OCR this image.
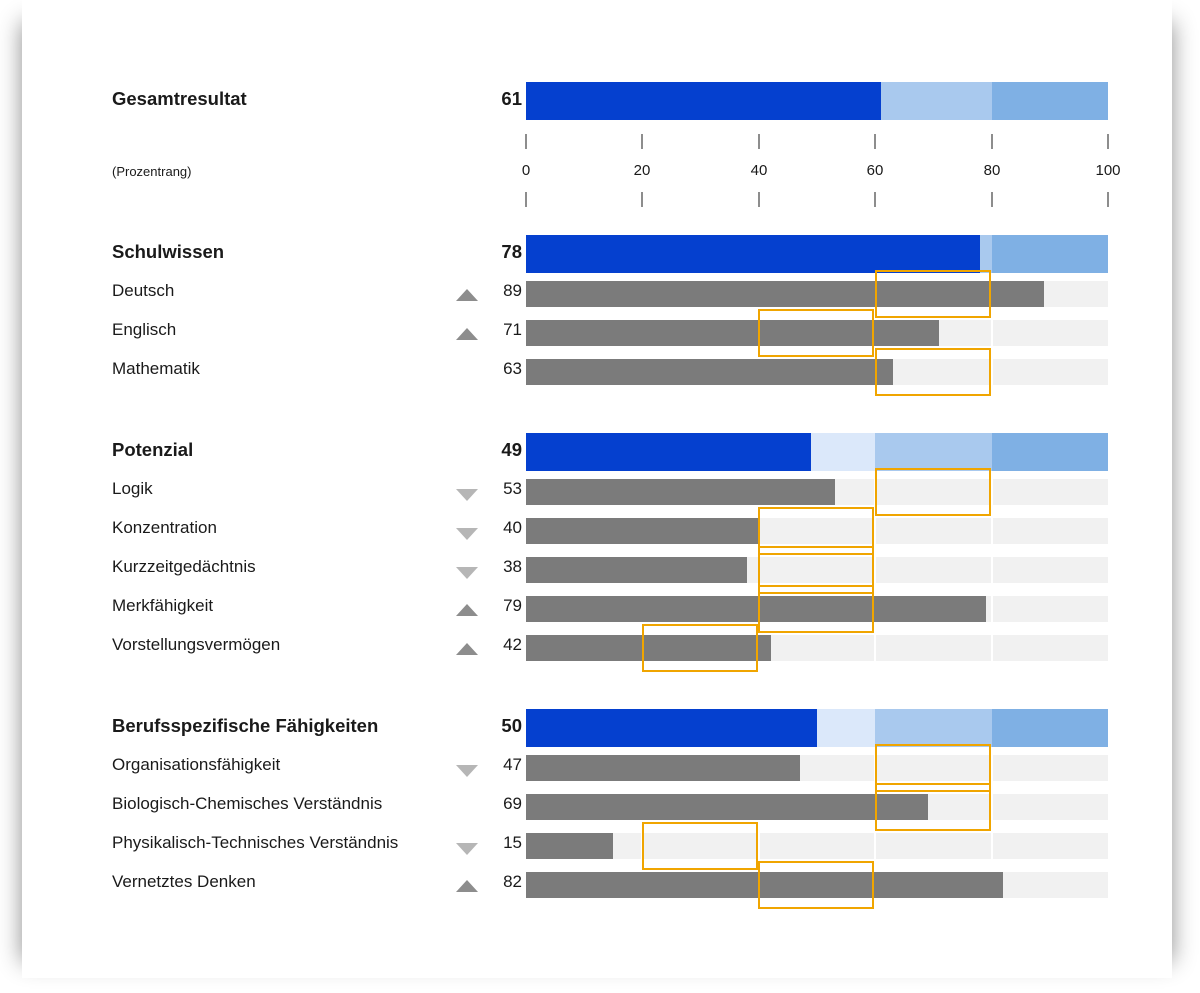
Gesamtresultat	61
(Prozentrang)	0	20	40	60	80	100
Schulwissen	78
Deutsch	89
Englisch	71
Mathematik	63
Potenzial	49
Logik	53
Konzentration	40
Kurzzeitgedächtnis	38
Merkfähigkeit	79
Vorstellungsvermögen	42
Berufsspezifische Fähigkeiten	50
Organisationsfähigkeit	47
Biologisch-Chemisches Verständnis	69
Physikalisch-Technisches Verständnis	15
Vernetztes Denken	82
